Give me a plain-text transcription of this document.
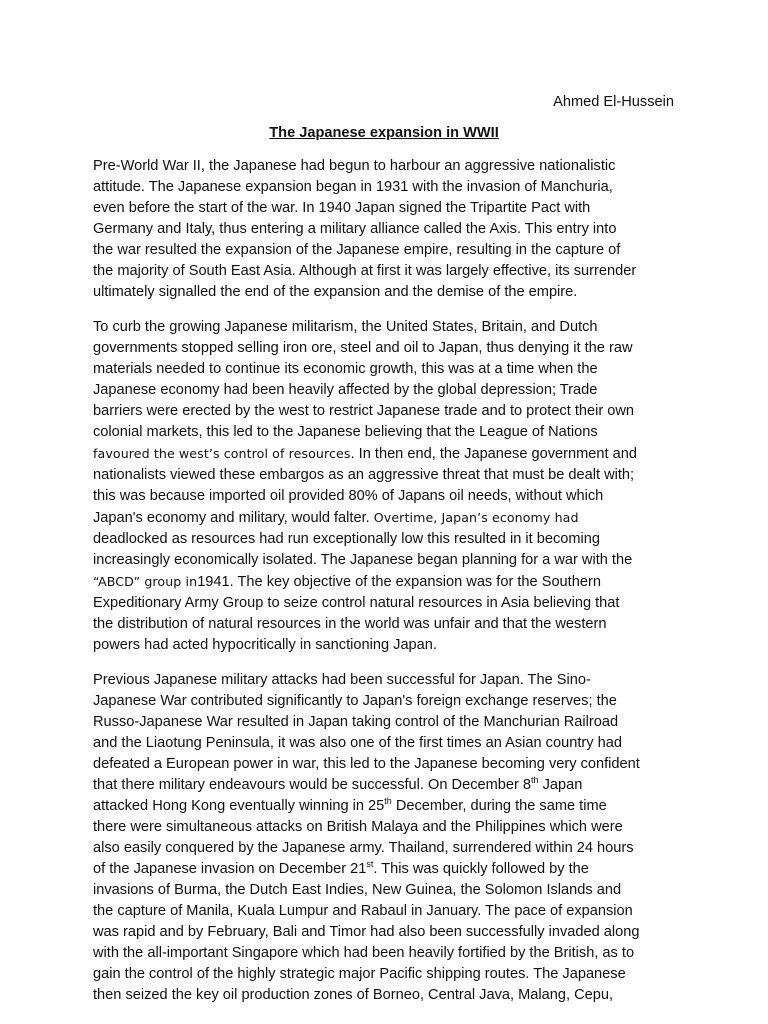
Ahmed El-Hussein

The Japanese expansion in WWII

Pre-World War II, the Japanese had begun to harbour an aggressive nationalistic
attitude. The Japanese expansion began in 1931 with the invasion of Manchuria,
even before the start of the war. In 1940 Japan signed the Tripartite Pact with
Germany and Italy, thus entering a military alliance called the Axis. This entry into
the war resulted the expansion of the Japanese empire, resulting in the capture of
the majority of South East Asia. Although at first it was largely effective, its surrender
ultimately signalled the end of the expansion and the demise of the empire.

To curb the growing Japanese militarism, the United States, Britain, and Dutch
governments stopped selling iron ore, steel and oil to Japan, thus denying it the raw
materials needed to continue its economic growth, this was at a time when the
Japanese economy had been heavily affected by the global depression; Trade
barriers were erected by the west to restrict Japanese trade and to protect their own
colonial markets, this led to the Japanese believing that the League of Nations
favoured the west’s control of resources. In then end, the Japanese government and
nationalists viewed these embargos as an aggressive threat that must be dealt with;
this was because imported oil provided 80% of Japans oil needs, without which
Japan's economy and military, would falter. Overtime, Japan’s economy had
deadlocked as resources had run exceptionally low this resulted in it becoming
increasingly economically isolated. The Japanese began planning for a war with the
“ABCD” group in1941. The key objective of the expansion was for the Southern
Expeditionary Army Group to seize control natural resources in Asia believing that
the distribution of natural resources in the world was unfair and that the western
powers had acted hypocritically in sanctioning Japan.

Previous Japanese military attacks had been successful for Japan. The Sino-
Japanese War contributed significantly to Japan's foreign exchange reserves; the
Russo-Japanese War resulted in Japan taking control of the Manchurian Railroad
and the Liaotung Peninsula, it was also one of the first times an Asian country had
defeated a European power in war, this led to the Japanese becoming very confident
that there military endeavours would be successful. On December 8th Japan
attacked Hong Kong eventually winning in 25th December, during the same time
there were simultaneous attacks on British Malaya and the Philippines which were
also easily conquered by the Japanese army. Thailand, surrendered within 24 hours
of the Japanese invasion on December 21st. This was quickly followed by the
invasions of Burma, the Dutch East Indies, New Guinea, the Solomon Islands and
the capture of Manila, Kuala Lumpur and Rabaul in January. The pace of expansion
was rapid and by February, Bali and Timor had also been successfully invaded along
with the all-important Singapore which had been heavily fortified by the British, as to
gain the control of the highly strategic major Pacific shipping routes. The Japanese
then seized the key oil production zones of Borneo, Central Java, Malang, Cepu,
